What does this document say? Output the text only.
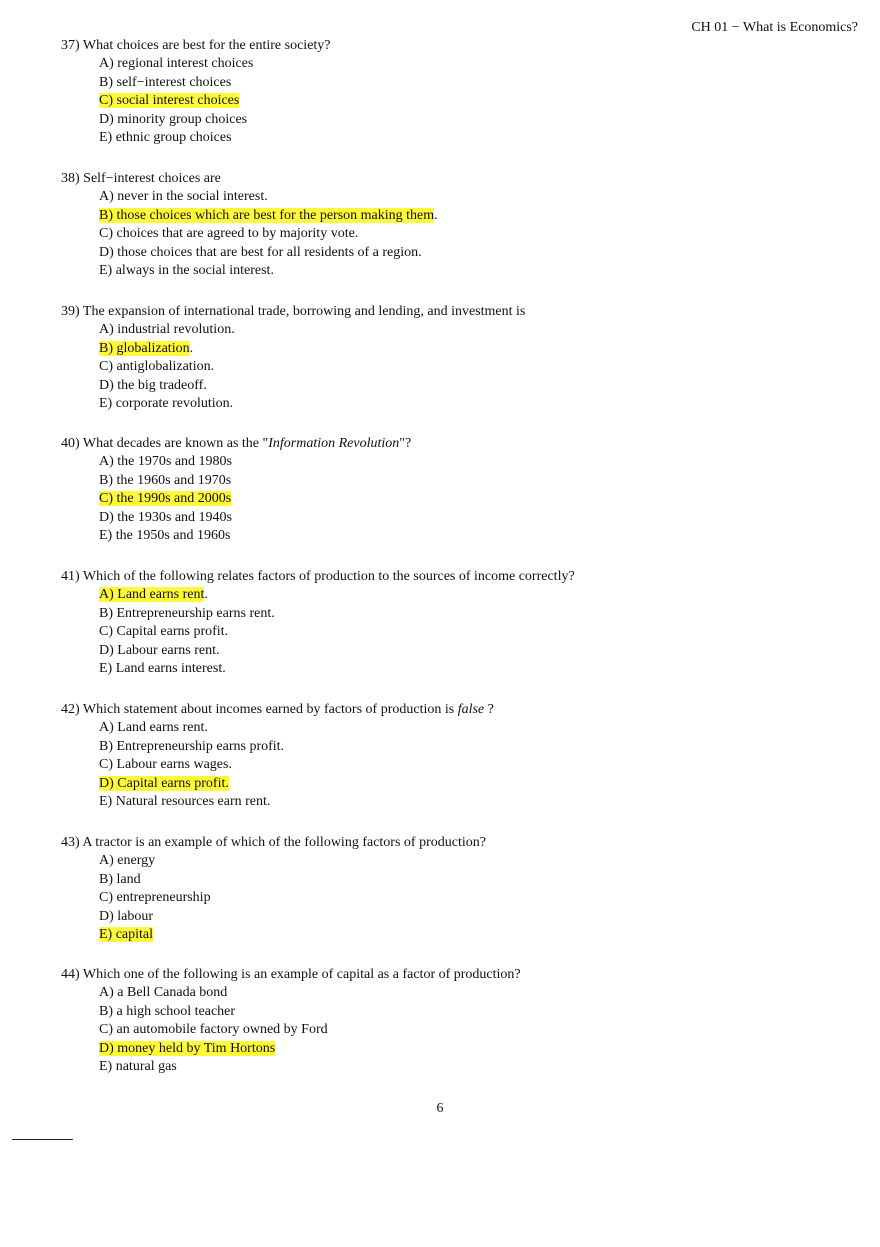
CH 01 − What is Economics?
37) What choices are best for the entire society?
A) regional interest choices
B) self−interest choices
C) social interest choices
D) minority group choices
E) ethnic group choices
38) Self−interest choices are
A) never in the social interest.
B) those choices which are best for the person making them.
C) choices that are agreed to by majority vote.
D) those choices that are best for all residents of a region.
E) always in the social interest.
39) The expansion of international trade, borrowing and lending, and investment is
A) industrial revolution.
B) globalization.
C) antiglobalization.
D) the big tradeoff.
E) corporate revolution.
40) What decades are known as the "Information Revolution"?
A) the 1970s and 1980s
B) the 1960s and 1970s
C) the 1990s and 2000s
D) the 1930s and 1940s
E) the 1950s and 1960s
41) Which of the following relates factors of production to the sources of income correctly?
A) Land earns rent.
B) Entrepreneurship earns rent.
C) Capital earns profit.
D) Labour earns rent.
E) Land earns interest.
42) Which statement about incomes earned by factors of production is false ?
A) Land earns rent.
B) Entrepreneurship earns profit.
C) Labour earns wages.
D) Capital earns profit.
E) Natural resources earn rent.
43) A tractor is an example of which of the following factors of production?
A) energy
B) land
C) entrepreneurship
D) labour
E) capital
44) Which one of the following is an example of capital as a factor of production?
A) a Bell Canada bond
B) a high school teacher
C) an automobile factory owned by Ford
D) money held by Tim Hortons
E) natural gas
6
